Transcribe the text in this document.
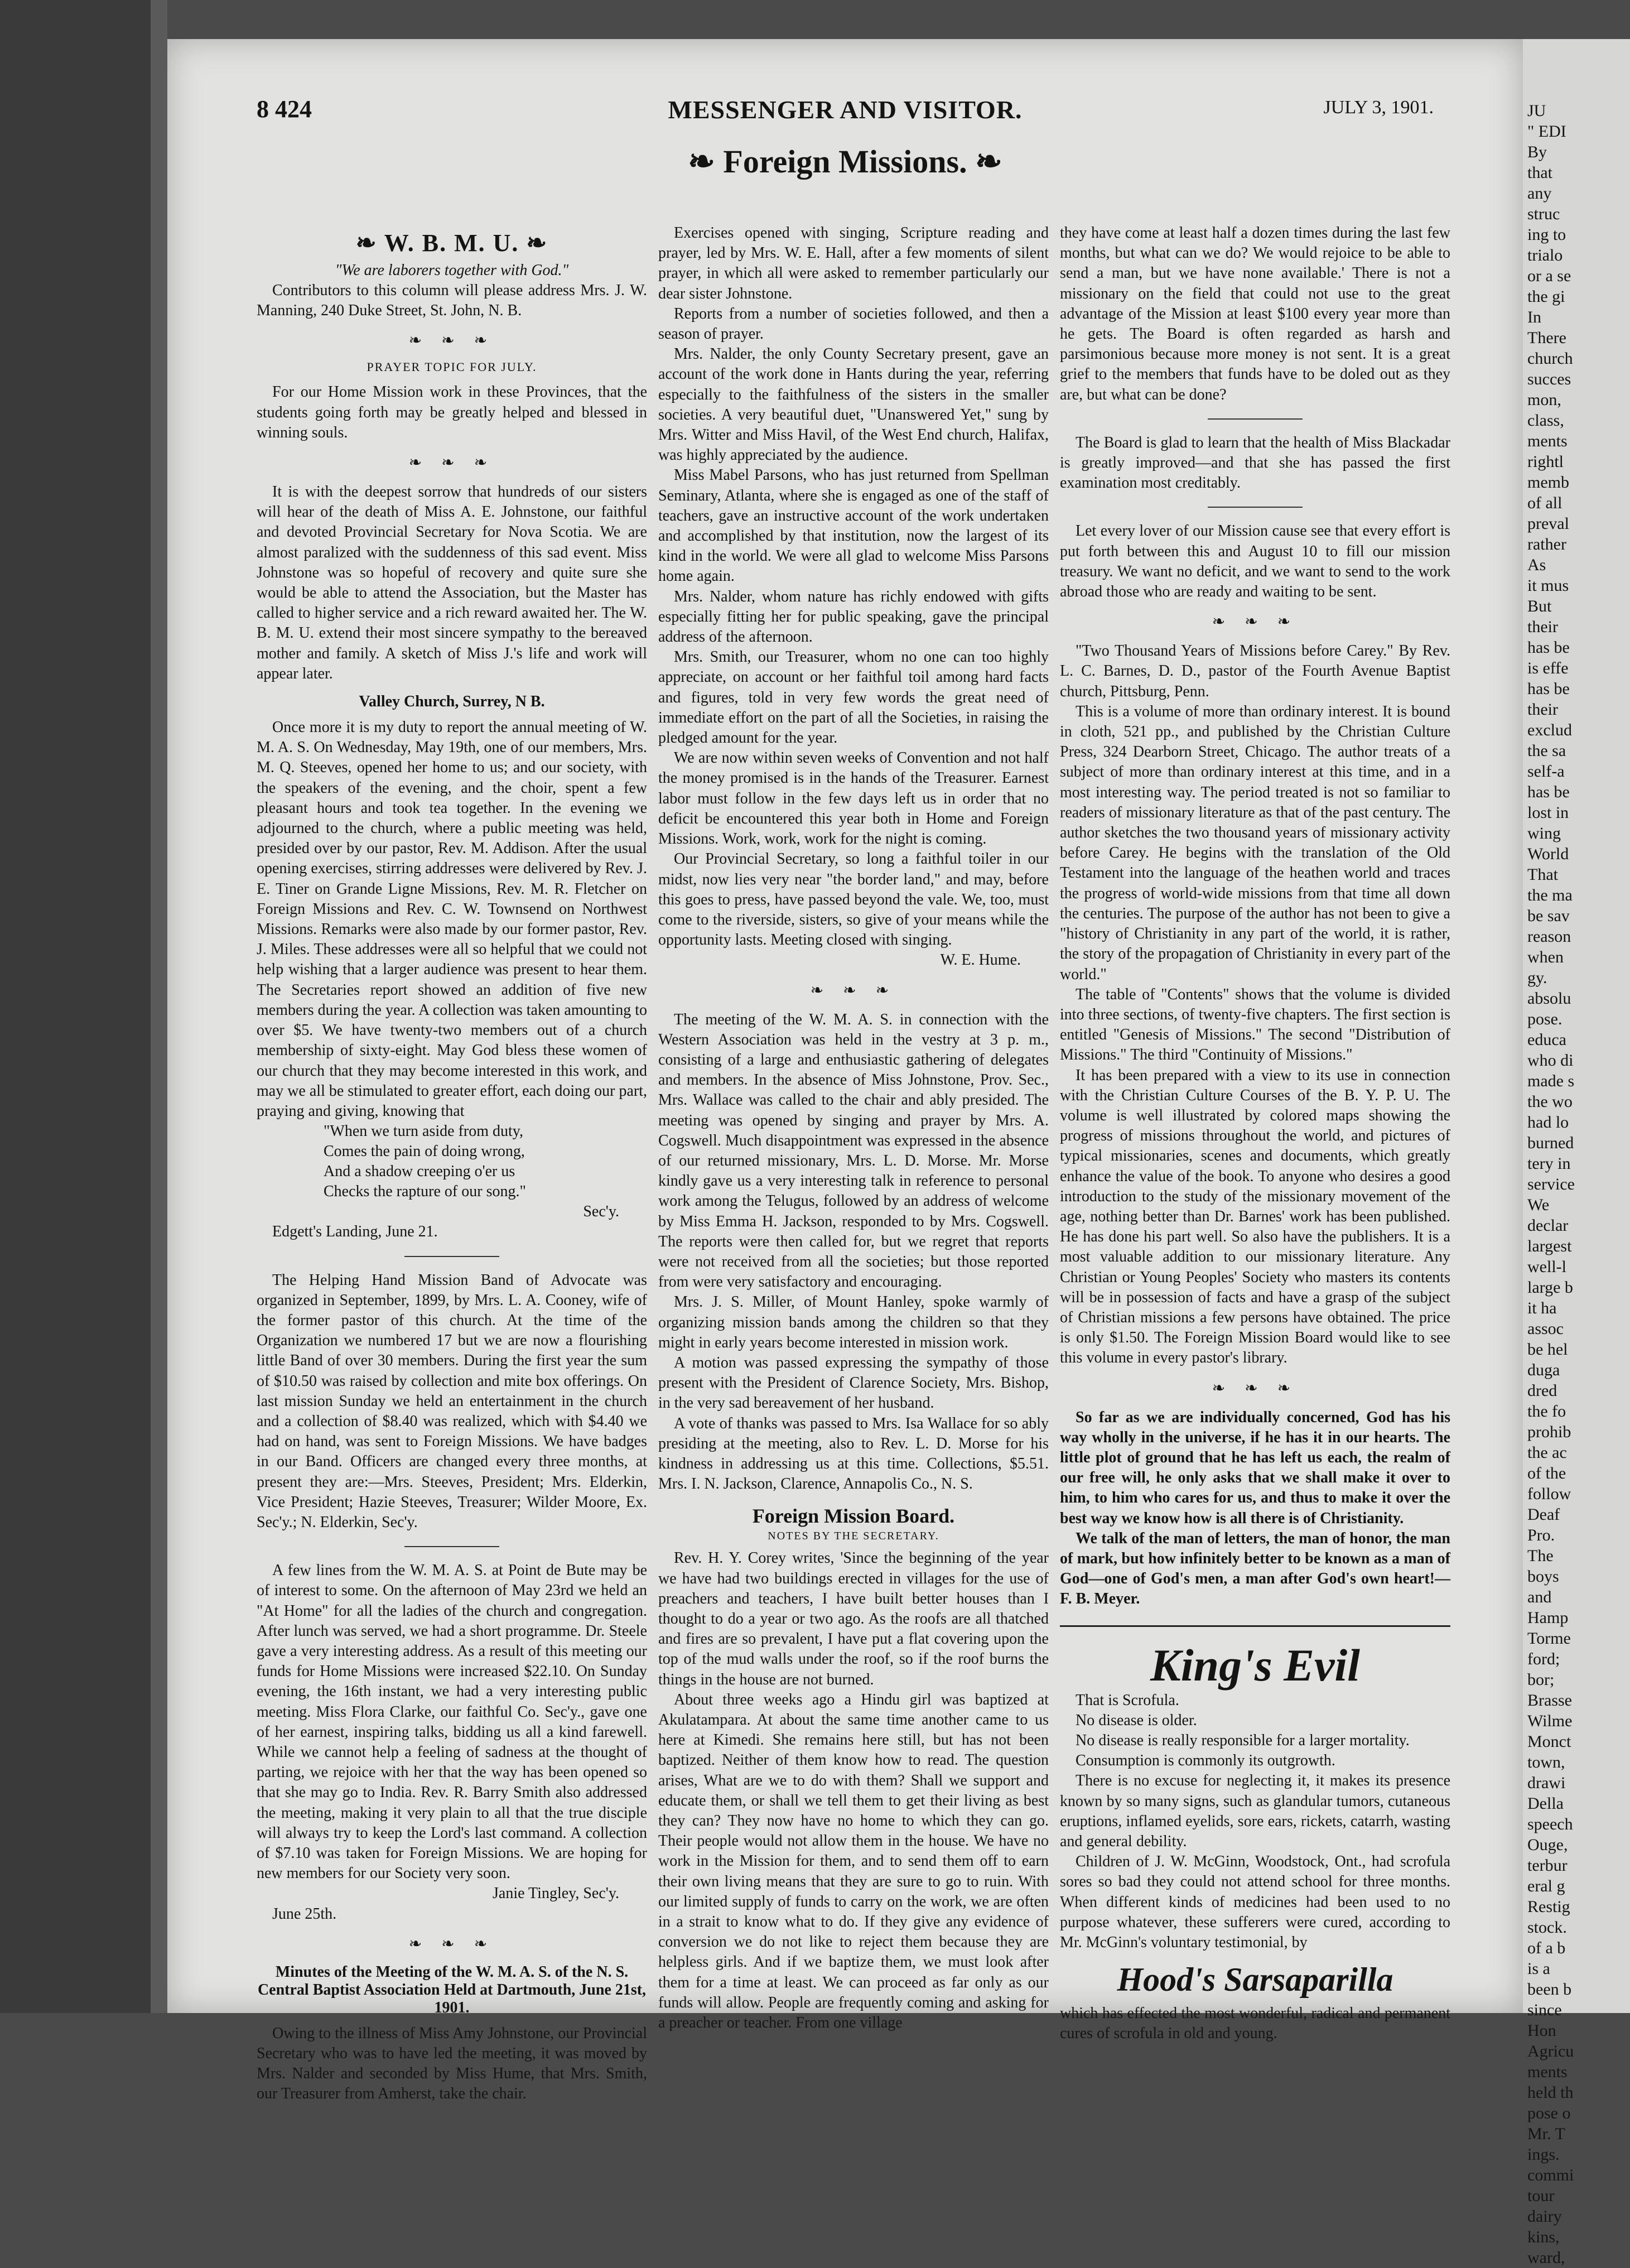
MESSENGER AND VISITOR.
8 424	JULY 3, 1901.
❧ Foreign Missions. ❧
❧ W. B. M. U. ❧
"We are laborers together with God."

Contributors to this column will please address Mrs. J. W. Manning, 240 Duke Street, St. John, N. B.

❧ ❧ ❧
PRAYER TOPIC FOR JULY.

For our Home Mission work in these Provinces, that the students going forth may be greatly helped and blessed in winning souls.

❧ ❧ ❧

It is with the deepest sorrow that hundreds of our sisters will hear of the death of Miss A. E. Johnstone, our faithful and devoted Provincial Secretary for Nova Scotia. We are almost paralized with the suddenness of this sad event. Miss Johnstone was so hopeful of recovery and quite sure she would be able to attend the Association, but the Master has called to higher service and a rich reward awaited her. The W. B. M. U. extend their most sincere sympathy to the bereaved mother and family. A sketch of Miss J.'s life and work will appear later.

Valley Church, Surrey, N B.

Once more it is my duty to report the annual meeting of W. M. A. S. On Wednesday, May 19th, one of our members, Mrs. M. Q. Steeves, opened her home to us; and our society, with the speakers of the evening, and the choir, spent a few pleasant hours and took tea together. In the evening we adjourned to the church, where a public meeting was held, presided over by our pastor, Rev. M. Addison. After the usual opening exercises, stirring addresses were delivered by Rev. J. E. Tiner on Grande Ligne Missions, Rev. M. R. Fletcher on Foreign Missions and Rev. C. W. Townsend on Northwest Missions. Remarks were also made by our former pastor, Rev. J. Miles. These addresses were all so helpful that we could not help wishing that a larger audience was present to hear them. The Secretaries report showed an addition of five new members during the year. A collection was taken amounting to over $5. We have twenty-two members out of a church membership of sixty-eight. May God bless these women of our church that they may become interested in this work, and may we all be stimulated to greater effort, each doing our part, praying and giving, knowing that

"When we turn aside from duty,
Comes the pain of doing wrong,
And a shadow creeping o'er us
Checks the rapture of our song."

Sec'y.

Edgett's Landing, June 21.

The Helping Hand Mission Band of Advocate was organized in September, 1899, by Mrs. L. A. Cooney, wife of the former pastor of this church. At the time of the Organization we numbered 17 but we are now a flourishing little Band of over 30 members. During the first year the sum of $10.50 was raised by collection and mite box offerings. On last mission Sunday we held an entertainment in the church and a collection of $8.40 was realized, which with $4.40 we had on hand, was sent to Foreign Missions. We have badges in our Band. Officers are changed every three months, at present they are:—Mrs. Steeves, President; Mrs. Elderkin, Vice President; Hazie Steeves, Treasurer; Wilder Moore, Ex. Sec'y.; N. Elderkin, Sec'y.

A few lines from the W. M. A. S. at Point de Bute may be of interest to some. On the afternoon of May 23rd we held an "At Home" for all the ladies of the church and congregation. After lunch was served, we had a short programme. Dr. Steele gave a very interesting address. As a result of this meeting our funds for Home Missions were increased $22.10. On Sunday evening, the 16th instant, we had a very interesting public meeting. Miss Flora Clarke, our faithful Co. Sec'y., gave one of her earnest, inspiring talks, bidding us all a kind farewell. While we cannot help a feeling of sadness at the thought of parting, we rejoice with her that the way has been opened so that she may go to India. Rev. R. Barry Smith also addressed the meeting, making it very plain to all that the true disciple will always try to keep the Lord's last command. A collection of $7.10 was taken for Foreign Missions. We are hoping for new members for our Society very soon.

Janie Tingley, Sec'y.

June 25th.

❧ ❧ ❧
Minutes of the Meeting of the W. M. A. S. of the N. S. Central Baptist Association Held at Dartmouth, June 21st, 1901.

Owing to the illness of Miss Amy Johnstone, our Provincial Secretary who was to have led the meeting, it was moved by Mrs. Nalder and seconded by Miss Hume, that Mrs. Smith, our Treasurer from Amherst, take the chair.

Exercises opened with singing, Scripture reading and prayer, led by Mrs. W. E. Hall, after a few moments of silent prayer, in which all were asked to remember particularly our dear sister Johnstone.

Reports from a number of societies followed, and then a season of prayer.

Mrs. Nalder, the only County Secretary present, gave an account of the work done in Hants during the year, referring especially to the faithfulness of the sisters in the smaller societies. A very beautiful duet, "Unanswered Yet," sung by Mrs. Witter and Miss Havil, of the West End church, Halifax, was highly appreciated by the audience.

Miss Mabel Parsons, who has just returned from Spellman Seminary, Atlanta, where she is engaged as one of the staff of teachers, gave an instructive account of the work undertaken and accomplished by that institution, now the largest of its kind in the world. We were all glad to welcome Miss Parsons home again.

Mrs. Nalder, whom nature has richly endowed with gifts especially fitting her for public speaking, gave the principal address of the afternoon.

Mrs. Smith, our Treasurer, whom no one can too highly appreciate, on account or her faithful toil among hard facts and figures, told in very few words the great need of immediate effort on the part of all the Societies, in raising the pledged amount for the year.

We are now within seven weeks of Convention and not half the money promised is in the hands of the Treasurer. Earnest labor must follow in the few days left us in order that no deficit be encountered this year both in Home and Foreign Missions. Work, work, work for the night is coming.

Our Provincial Secretary, so long a faithful toiler in our midst, now lies very near "the border land," and may, before this goes to press, have passed beyond the vale. We, too, must come to the riverside, sisters, so give of your means while the opportunity lasts. Meeting closed with singing.

W. E. Hume.

❧ ❧ ❧

The meeting of the W. M. A. S. in connection with the Western Association was held in the vestry at 3 p. m., consisting of a large and enthusiastic gathering of delegates and members. In the absence of Miss Johnstone, Prov. Sec., Mrs. Wallace was called to the chair and ably presided. The meeting was opened by singing and prayer by Mrs. A. Cogswell. Much disappointment was expressed in the absence of our returned missionary, Mrs. L. D. Morse. Mr. Morse kindly gave us a very interesting talk in reference to personal work among the Telugus, followed by an address of welcome by Miss Emma H. Jackson, responded to by Mrs. Cogswell. The reports were then called for, but we regret that reports were not received from all the societies; but those reported from were very satisfactory and encouraging.

Mrs. J. S. Miller, of Mount Hanley, spoke warmly of organizing mission bands among the children so that they might in early years become interested in mission work.

A motion was passed expressing the sympathy of those present with the President of Clarence Society, Mrs. Bishop, in the very sad bereavement of her husband.

A vote of thanks was passed to Mrs. Isa Wallace for so ably presiding at the meeting, also to Rev. L. D. Morse for his kindness in addressing us at this time. Collections, $5.51. Mrs. I. N. Jackson, Clarence, Annapolis Co., N. S.

Foreign Mission Board.
NOTES BY THE SECRETARY.

Rev. H. Y. Corey writes, 'Since the beginning of the year we have had two buildings erected in villages for the use of preachers and teachers, I have built better houses than I thought to do a year or two ago. As the roofs are all thatched and fires are so prevalent, I have put a flat covering upon the top of the mud walls under the roof, so if the roof burns the things in the house are not burned.

About three weeks ago a Hindu girl was baptized at Akulatampara. At about the same time another came to us here at Kimedi. She remains here still, but has not been baptized. Neither of them know how to read. The question arises, What are we to do with them? Shall we support and educate them, or shall we tell them to get their living as best they can? They now have no home to which they can go. Their people would not allow them in the house. We have no work in the Mission for them, and to send them off to earn their own living means that they are sure to go to ruin. With our limited supply of funds to carry on the work, we are often in a strait to know what to do. If they give any evidence of conversion we do not like to reject them because they are helpless girls. And if we baptize them, we must look after them for a time at least. We can proceed as far only as our funds will allow. People are frequently coming and asking for a preacher or teacher. From one village

they have come at least half a dozen times during the last few months, but what can we do? We would rejoice to be able to send a man, but we have none available.' There is not a missionary on the field that could not use to the great advantage of the Mission at least $100 every year more than he gets. The Board is often regarded as harsh and parsimonious because more money is not sent. It is a great grief to the members that funds have to be doled out as they are, but what can be done?

The Board is glad to learn that the health of Miss Blackadar is greatly improved—and that she has passed the first examination most creditably.

Let every lover of our Mission cause see that every effort is put forth between this and August 10 to fill our mission treasury. We want no deficit, and we want to send to the work abroad those who are ready and waiting to be sent.

❧ ❧ ❧

"Two Thousand Years of Missions before Carey." By Rev. L. C. Barnes, D. D., pastor of the Fourth Avenue Baptist church, Pittsburg, Penn.

This is a volume of more than ordinary interest. It is bound in cloth, 521 pp., and published by the Christian Culture Press, 324 Dearborn Street, Chicago. The author treats of a subject of more than ordinary interest at this time, and in a most interesting way. The period treated is not so familiar to readers of missionary literature as that of the past century. The author sketches the two thousand years of missionary activity before Carey. He begins with the translation of the Old Testament into the language of the heathen world and traces the progress of world-wide missions from that time all down the centuries. The purpose of the author has not been to give a "history of Christianity in any part of the world, it is rather, the story of the propagation of Christianity in every part of the world."

The table of "Contents" shows that the volume is divided into three sections, of twenty-five chapters. The first section is entitled "Genesis of Missions." The second "Distribution of Missions." The third "Continuity of Missions."

It has been prepared with a view to its use in connection with the Christian Culture Courses of the B. Y. P. U. The volume is well illustrated by colored maps showing the progress of missions throughout the world, and pictures of typical missionaries, scenes and documents, which greatly enhance the value of the book. To anyone who desires a good introduction to the study of the missionary movement of the age, nothing better than Dr. Barnes' work has been published. He has done his part well. So also have the publishers. It is a most valuable addition to our missionary literature. Any Christian or Young Peoples' Society who masters its contents will be in possession of facts and have a grasp of the subject of Christian missions a few persons have obtained. The price is only $1.50. The Foreign Mission Board would like to see this volume in every pastor's library.

❧ ❧ ❧

So far as we are individually concerned, God has his way wholly in the universe, if he has it in our hearts. The little plot of ground that he has left us each, the realm of our free will, he only asks that we shall make it over to him, to him who cares for us, and thus to make it over the best way we know how is all there is of Christianity.

We talk of the man of letters, the man of honor, the man of mark, but how infinitely better to be known as a man of God—one of God's men, a man after God's own heart!—F. B. Meyer.

King's Evil

That is Scrofula.

No disease is older.

No disease is really responsible for a larger mortality.

Consumption is commonly its outgrowth.

There is no excuse for neglecting it, it makes its presence known by so many signs, such as glandular tumors, cutaneous eruptions, inflamed eyelids, sore ears, rickets, catarrh, wasting and general debility.

Children of J. W. McGinn, Woodstock, Ont., had scrofula sores so bad they could not attend school for three months. When different kinds of medicines had been used to no purpose whatever, these sufferers were cured, according to Mr. McGinn's voluntary testimonial, by

Hood's Sarsaparilla

which has effected the most wonderful, radical and permanent cures of scrofula in old and young.

JU
" EDI
By
that
any
struc
ing to
trialo
or a se
the gi
In
There
church
succes
mon,
class,
ments
rightl
memb
of all
preval
rather
As
it mus
But
their
has be
is effe
has be
their
exclud
the sa
self-a
has be
lost in
wing
World
That
the ma
be sav
reason
when
gy.
absolu
pose.
educa
who di
made s
the wo
had lo
burned
tery in
service
We
declar
largest
well-l
large b
it ha
assoc
be hel
duga
dred
the fo
prohib
the ac
of the
follow
Deaf
Pro.
The
boys
and
Hamp
Torme
ford;
bor;
Brasse
Wilme
Monct
town,
drawi
Della
speech
Ouge,
terbur
eral g
Restig
stock.
of a b
is a
been b
since
Hon
Agricu
ments
held th
pose o
Mr. T
ings.
commi
tour
dairy
kins,
ward,
